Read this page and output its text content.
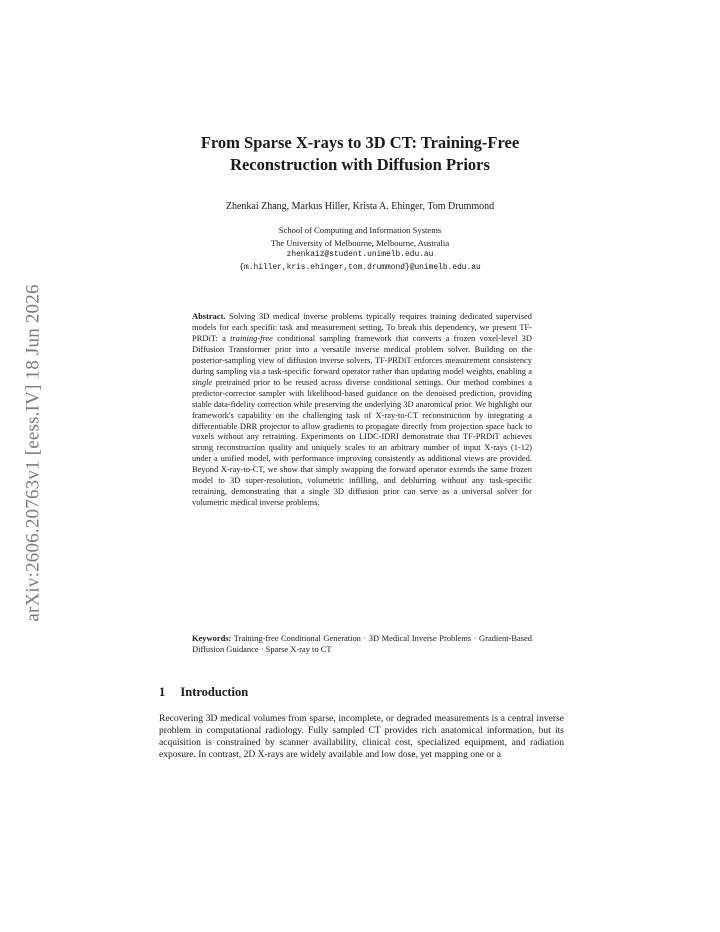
arXiv:2606.20763v1 [eess.IV] 18 Jun 2026
From Sparse X-rays to 3D CT: Training-Free
Reconstruction with Diffusion Priors
Zhenkai Zhang, Markus Hiller, Krista A. Ehinger, Tom Drummond
School of Computing and Information Systems
The University of Melbourne, Melbourne, Australia
zhenkaiz@student.unimelb.edu.au
{m.hiller,kris.ehinger,tom.drummond}@unimelb.edu.au
Abstract. Solving 3D medical inverse problems typically requires training dedicated supervised models for each specific task and measurement setting. To break this dependency, we present TF-PRDiT: a training-free conditional sampling framework that converts a frozen voxel-level 3D Diffusion Transformer prior into a versatile inverse medical problem solver. Building on the posterior-sampling view of diffusion inverse solvers, TF-PRDiT enforces measurement consistency during sampling via a task-specific forward operator rather than updating model weights, enabling a single pretrained prior to be reused across diverse conditional settings. Our method combines a predictor-corrector sampler with likelihood-based guidance on the denoised prediction, providing stable data-fidelity correction while preserving the underlying 3D anatomical prior. We highlight our framework's capability on the challenging task of X-ray-to-CT reconstruction by integrating a differentiable DRR projector to allow gradients to propagate directly from projection space back to voxels without any retraining. Experiments on LIDC-IDRI demonstrate that TF-PRDiT achieves strong reconstruction quality and uniquely scales to an arbitrary number of input X-rays (1-12) under a unified model, with performance improving consistently as additional views are provided. Beyond X-ray-to-CT, we show that simply swapping the forward operator extends the same frozen model to 3D super-resolution, volumetric infilling, and deblurring without any task-specific retraining, demonstrating that a single 3D diffusion prior can serve as a universal solver for volumetric medical inverse problems.
Keywords: Training-free Conditional Generation · 3D Medical Inverse Problems · Gradient-Based Diffusion Guidance · Sparse X-ray to CT
1 Introduction
Recovering 3D medical volumes from sparse, incomplete, or degraded measurements is a central inverse problem in computational radiology. Fully sampled CT provides rich anatomical information, but its acquisition is constrained by scanner availability, clinical cost, specialized equipment, and radiation exposure. In contrast, 2D X-rays are widely available and low dose, yet mapping one or a
